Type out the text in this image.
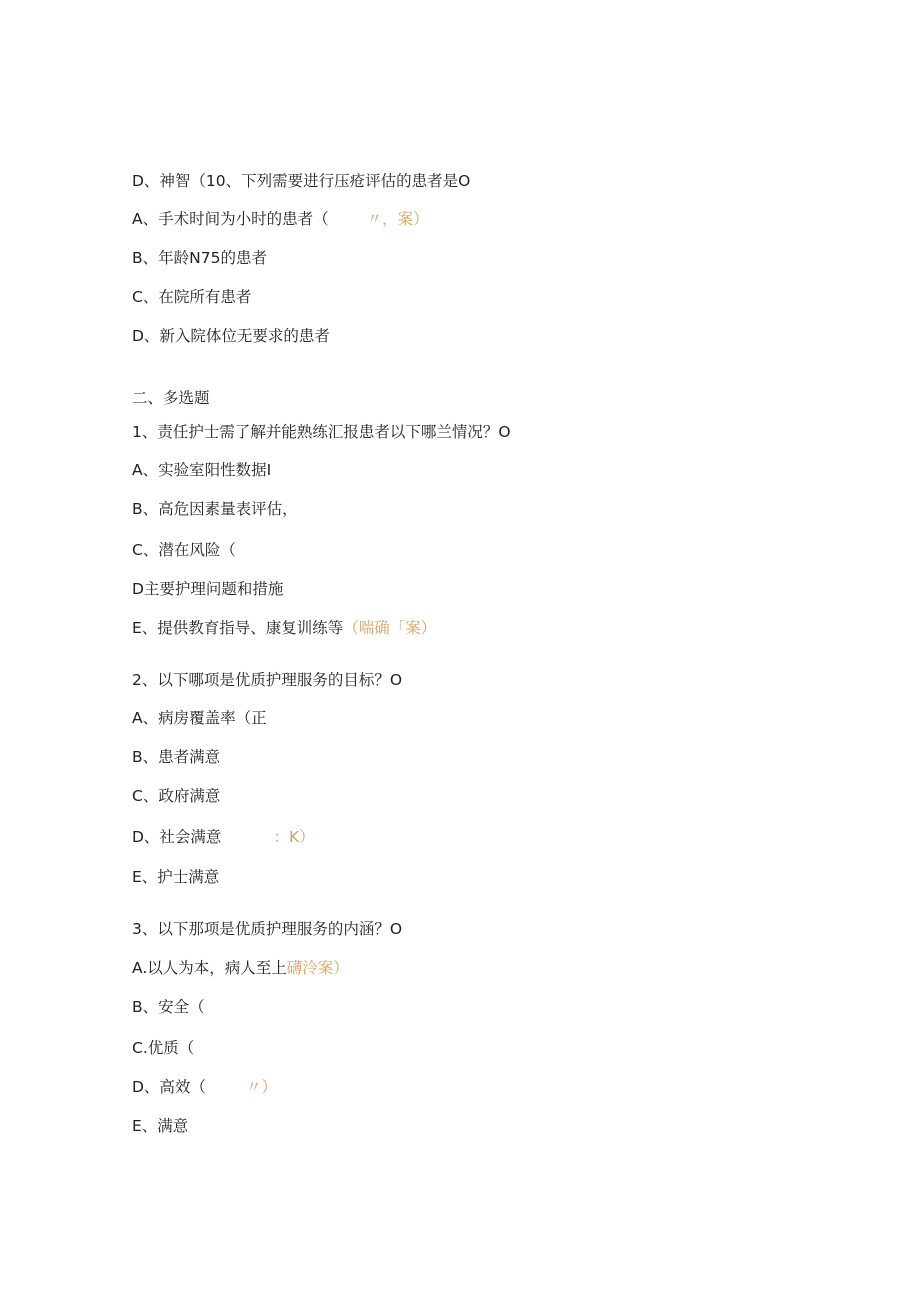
D、神智（10、下列需要进行压疮评估的患者是O
A、手术时间为小时的患者（ 〃，案）
B、年龄N75的患者
C、在院所有患者
D、新入院体位无要求的患者
二、多选题
1、责任护士需了解并能熟练汇报患者以下哪兰情况？O
A、实验室阳性数据I
B、高危因素量表评估，
C、潜在风险（
D主要护理问题和措施
E、提供教育指导、康复训练等（喘确「案）
2、以下哪项是优质护理服务的目标？O
A、病房覆盖率（正
B、患者满意
C、政府满意
D、社会满意	：K）
E、护士满意
3、以下那项是优质护理服务的内涵？O
A.以人为本，病人至上礴泠案）
B、安全（
C.优质（
D、高效（	〃）
E、满意
